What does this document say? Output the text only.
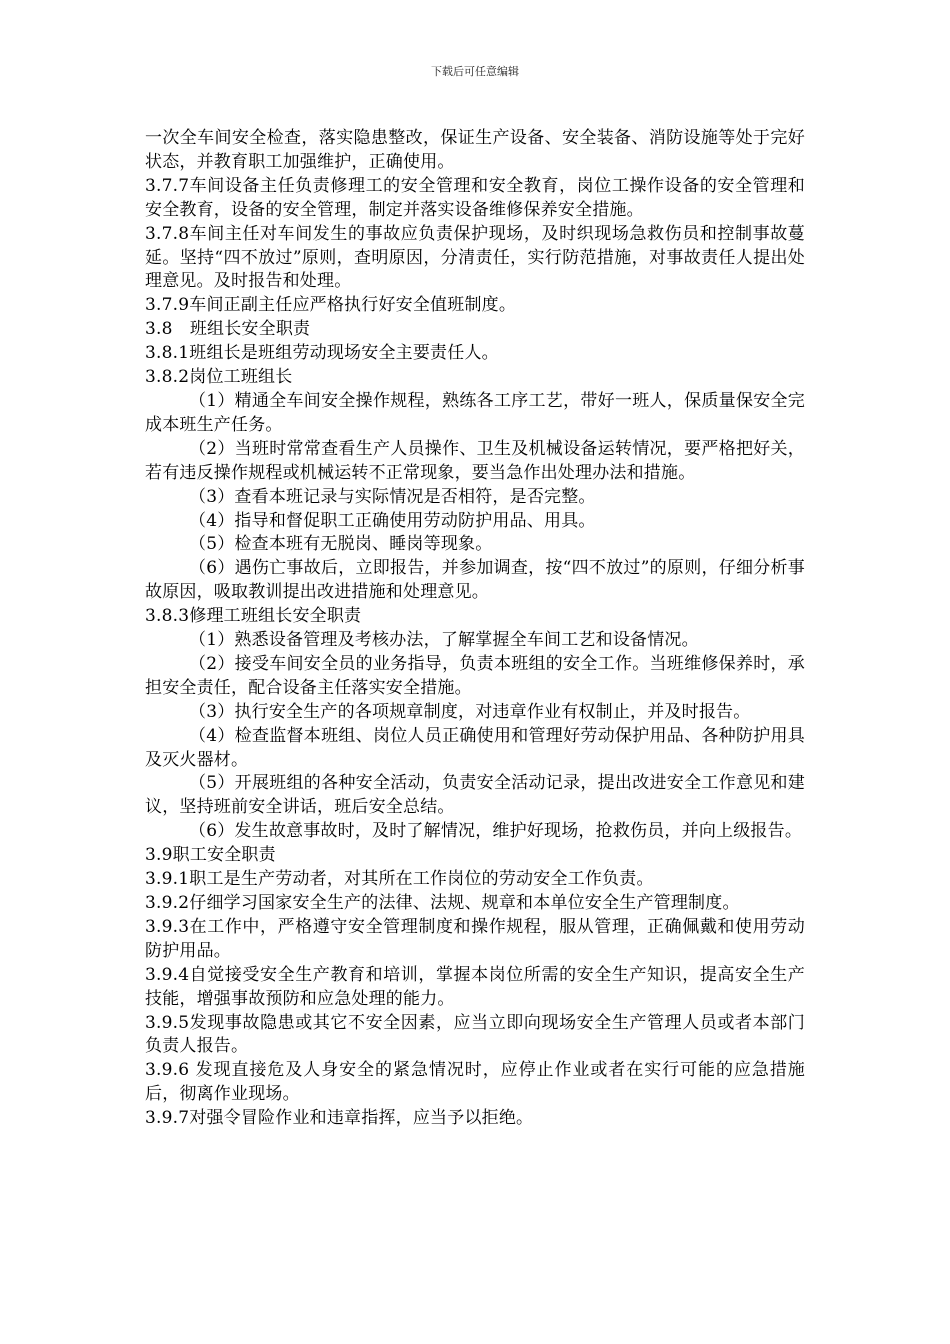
下载后可任意编辑

一次全车间安全检查，落实隐患整改，保证生产设备、安全装备、消防设施等处于完好状态，并教育职工加强维护，正确使用。

3.7.7车间设备主任负责修理工的安全管理和安全教育，岗位工操作设备的安全管理和安全教育，设备的安全管理，制定并落实设备维修保养安全措施。

3.7.8车间主任对车间发生的事故应负责保护现场，及时织现场急救伤员和控制事故蔓延。坚持“四不放过”原则，查明原因，分清责任，实行防范措施，对事故责任人提出处理意见。及时报告和处理。

3.7.9车间正副主任应严格执行好安全值班制度。

3.8　班组长安全职责

3.8.1班组长是班组劳动现场安全主要责任人。

3.8.2岗位工班组长

（1）精通全车间安全操作规程，熟练各工序工艺，带好一班人，保质量保安全完成本班生产任务。

（2）当班时常常查看生产人员操作、卫生及机械设备运转情况，要严格把好关，若有违反操作规程或机械运转不正常现象，要当急作出处理办法和措施。

（3）查看本班记录与实际情况是否相符，是否完整。

（4）指导和督促职工正确使用劳动防护用品、用具。

（5）检查本班有无脱岗、睡岗等现象。

（6）遇伤亡事故后，立即报告，并参加调查，按“四不放过”的原则，仔细分析事故原因，吸取教训提出改进措施和处理意见。

3.8.3修理工班组长安全职责

（1）熟悉设备管理及考核办法，了解掌握全车间工艺和设备情况。

（2）接受车间安全员的业务指导，负责本班组的安全工作。当班维修保养时，承担安全责任，配合设备主任落实安全措施。

（3）执行安全生产的各项规章制度，对违章作业有权制止，并及时报告。

（4）检查监督本班组、岗位人员正确使用和管理好劳动保护用品、各种防护用具及灭火器材。

（5）开展班组的各种安全活动，负责安全活动记录，提出改进安全工作意见和建议，坚持班前安全讲话，班后安全总结。

（6）发生故意事故时，及时了解情况，维护好现场，抢救伤员，并向上级报告。

3.9职工安全职责

3.9.1职工是生产劳动者，对其所在工作岗位的劳动安全工作负责。

3.9.2仔细学习国家安全生产的法律、法规、规章和本单位安全生产管理制度。

3.9.3在工作中，严格遵守安全管理制度和操作规程，服从管理，正确佩戴和使用劳动防护用品。

3.9.4自觉接受安全生产教育和培训，掌握本岗位所需的安全生产知识，提高安全生产技能，增强事故预防和应急处理的能力。

3.9.5发现事故隐患或其它不安全因素，应当立即向现场安全生产管理人员或者本部门负责人报告。

3.9.6 发现直接危及人身安全的紧急情况时，应停止作业或者在实行可能的应急措施后，彻离作业现场。

3.9.7对强令冒险作业和违章指挥，应当予以拒绝。
